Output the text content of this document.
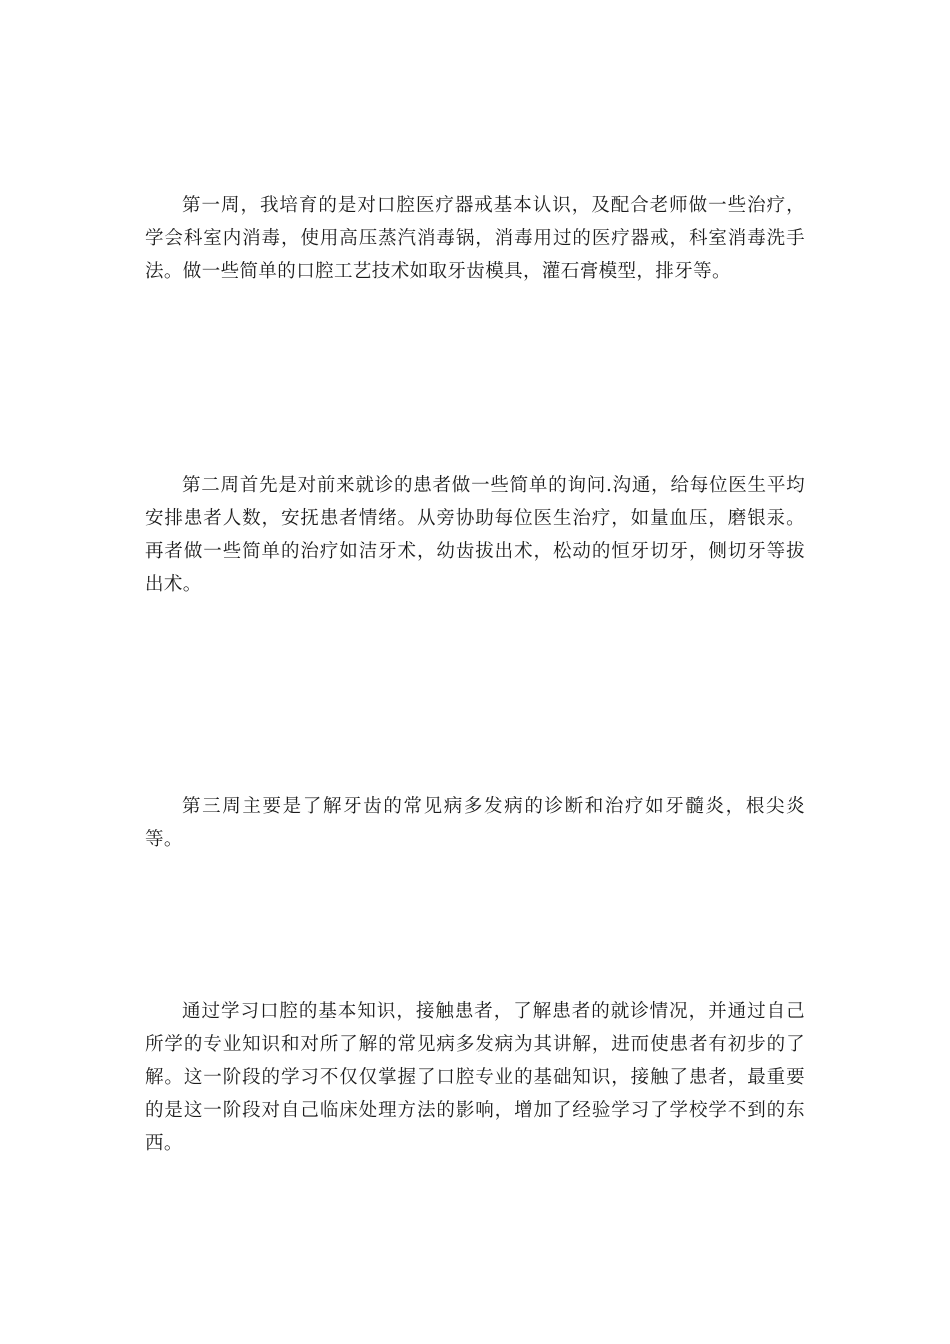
第一周，我培育的是对口腔医疗器戒基本认识，及配合老师做一些治疗，学会科室内消毒，使用高压蒸汽消毒锅，消毒用过的医疗器戒，科室消毒洗手法。做一些简单的口腔工艺技术如取牙齿模具，灌石膏模型，排牙等。

第二周首先是对前来就诊的患者做一些简单的询问.沟通，给每位医生平均安排患者人数，安抚患者情绪。从旁协助每位医生治疗，如量血压，磨银汞。再者做一些简单的治疗如洁牙术，幼齿拔出术，松动的恒牙切牙，侧切牙等拔出术。

第三周主要是了解牙齿的常见病多发病的诊断和治疗如牙髓炎，根尖炎等。

通过学习口腔的基本知识，接触患者，了解患者的就诊情况，并通过自己所学的专业知识和对所了解的常见病多发病为其讲解，进而使患者有初步的了解。这一阶段的学习不仅仅掌握了口腔专业的基础知识，接触了患者，最重要的是这一阶段对自己临床处理方法的影响，增加了经验学习了学校学不到的东西。
